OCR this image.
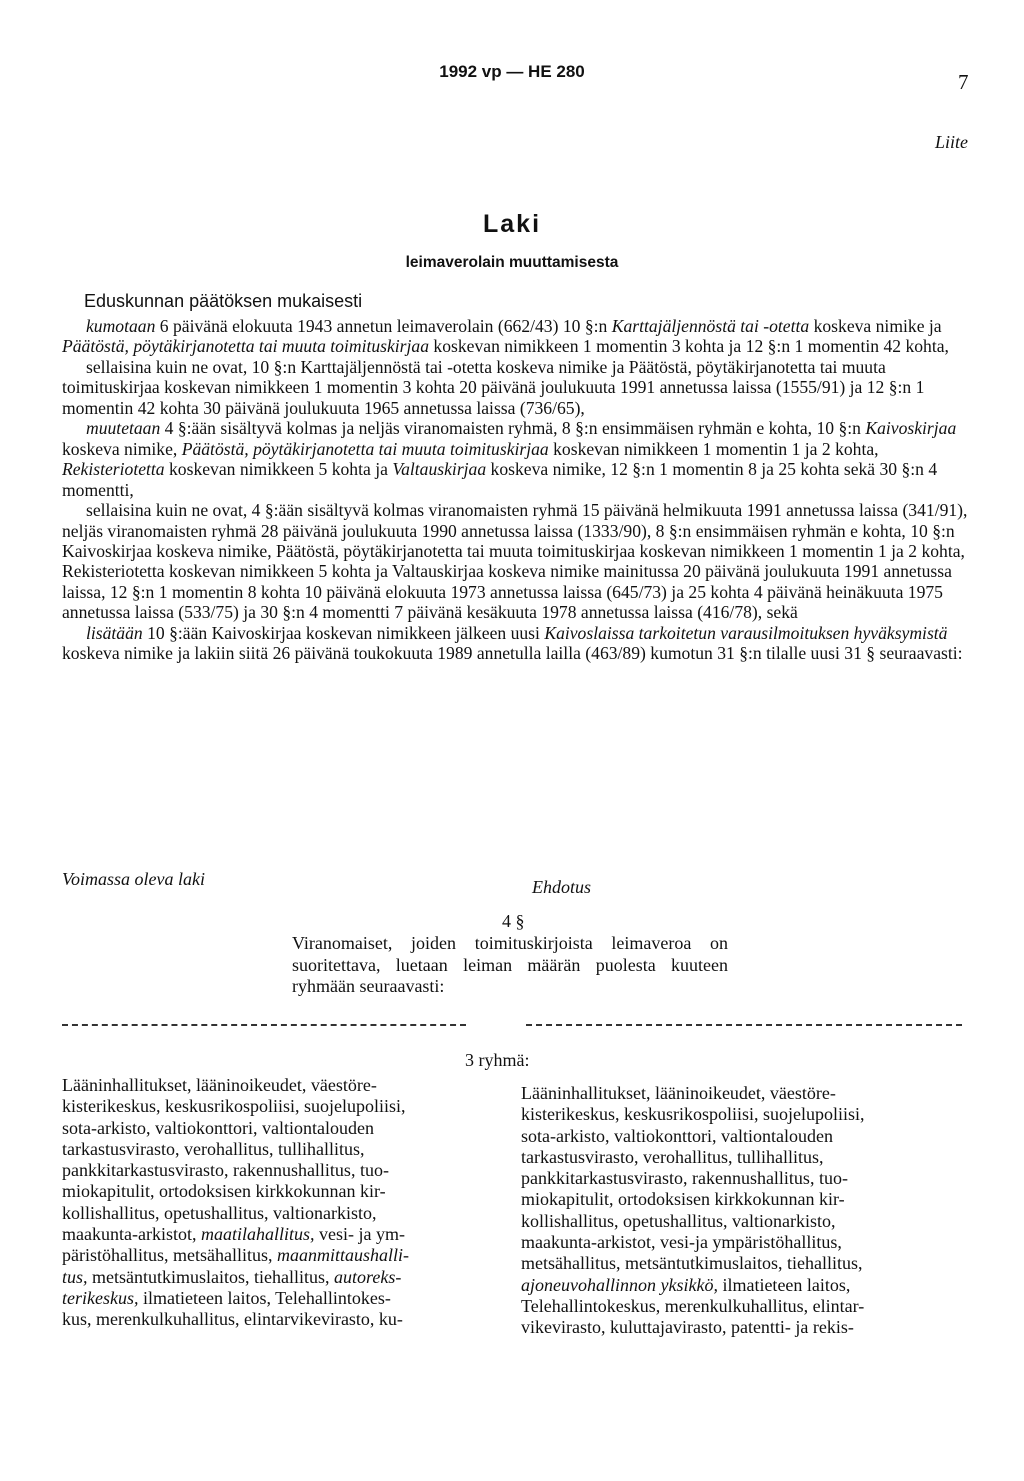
1992 vp — HE 280	7
Liite
Laki
leimaverolain muuttamisesta
Eduskunnan päätöksen mukaisesti

kumotaan 6 päivänä elokuuta 1943 annetun leimaverolain (662/43) 10 §:n Karttajäljennöstä tai -otetta koskeva nimike ja Päätöstä, pöytäkirjanotetta tai muuta toimituskirjaa koskevan nimikkeen 1 momentin 3 kohta ja 12 §:n 1 momentin 42 kohta,

sellaisina kuin ne ovat, 10 §:n Karttajäljennöstä tai -otetta koskeva nimike ja Päätöstä, pöytäkirjanotetta tai muuta toimituskirjaa koskevan nimikkeen 1 momentin 3 kohta 20 päivänä joulukuuta 1991 annetussa laissa (1555/91) ja 12 §:n 1 momentin 42 kohta 30 päivänä joulukuuta 1965 annetussa laissa (736/65),

muutetaan 4 §:ään sisältyvä kolmas ja neljäs viranomaisten ryhmä, 8 §:n ensimmäisen ryhmän e kohta, 10 §:n Kaivoskirjaa koskeva nimike, Päätöstä, pöytäkirjanotetta tai muuta toimituskirjaa koskevan nimikkeen 1 momentin 1 ja 2 kohta, Rekisteriotetta koskevan nimikkeen 5 kohta ja Valtauskirjaa koskeva nimike, 12 §:n 1 momentin 8 ja 25 kohta sekä 30 §:n 4 momentti,

sellaisina kuin ne ovat, 4 §:ään sisältyvä kolmas viranomaisten ryhmä 15 päivänä helmikuuta 1991 annetussa laissa (341/91), neljäs viranomaisten ryhmä 28 päivänä joulukuuta 1990 annetussa laissa (1333/90), 8 §:n ensimmäisen ryhmän e kohta, 10 §:n Kaivoskirjaa koskeva nimike, Päätöstä, pöytäkirjanotetta tai muuta toimituskirjaa koskevan nimikkeen 1 momentin 1 ja 2 kohta, Rekisteriotetta koskevan nimikkeen 5 kohta ja Valtauskirjaa koskeva nimike mainitussa 20 päivänä joulukuuta 1991 annetussa laissa, 12 §:n 1 momentin 8 kohta 10 päivänä elokuuta 1973 annetussa laissa (645/73) ja 25 kohta 4 päivänä heinäkuuta 1975 annetussa laissa (533/75) ja 30 §:n 4 momentti 7 päivänä kesäkuuta 1978 annetussa laissa (416/78), sekä

lisätään 10 §:ään Kaivoskirjaa koskevan nimikkeen jälkeen uusi Kaivoslaissa tarkoitetun varausilmoituksen hyväksymistä koskeva nimike ja lakiin siitä 26 päivänä toukokuuta 1989 annetulla lailla (463/89) kumotun 31 §:n tilalle uusi 31 § seuraavasti:

Voimassa oleva laki	Ehdotus
4 §
Viranomaiset, joiden toimituskirjoista leimaveroa on suoritettava, luetaan leiman määrän puolesta kuuteen ryhmään seuraavasti:
3 ryhmä:
Lääninhallitukset, lääninoikeudet, väestöre-
kisterikeskus, keskusrikospoliisi, suojelupoliisi,
sota-arkisto, valtiokonttori, valtiontalouden
tarkastusvirasto, verohallitus, tullihallitus,
pankkitarkastusvirasto, rakennushallitus, tuo-
miokapitulit, ortodoksisen kirkkokunnan kir-
kollishallitus, opetushallitus, valtionarkisto,
maakunta-arkistot, maatilahallitus, vesi- ja ym-
päristöhallitus, metsähallitus, maanmittaushalli-
tus, metsäntutkimuslaitos, tiehallitus, autoreks-
terikeskus, ilmatieteen laitos, Telehallintokes-
kus, merenkulkuhallitus, elintarvikevirasto, ku-
Lääninhallitukset, lääninoikeudet, väestöre-
kisterikeskus, keskusrikospoliisi, suojelupoliisi,
sota-arkisto, valtiokonttori, valtiontalouden
tarkastusvirasto, verohallitus, tullihallitus,
pankkitarkastusvirasto, rakennushallitus, tuo-
miokapitulit, ortodoksisen kirkkokunnan kir-
kollishallitus, opetushallitus, valtionarkisto,
maakunta-arkistot, vesi-ja ympäristöhallitus,
metsähallitus, metsäntutkimuslaitos, tiehallitus,
ajoneuvohallinnon yksikkö, ilmatieteen laitos,
Telehallintokeskus, merenkulkuhallitus, elintar-
vikevirasto, kuluttajavirasto, patentti- ja rekis-
